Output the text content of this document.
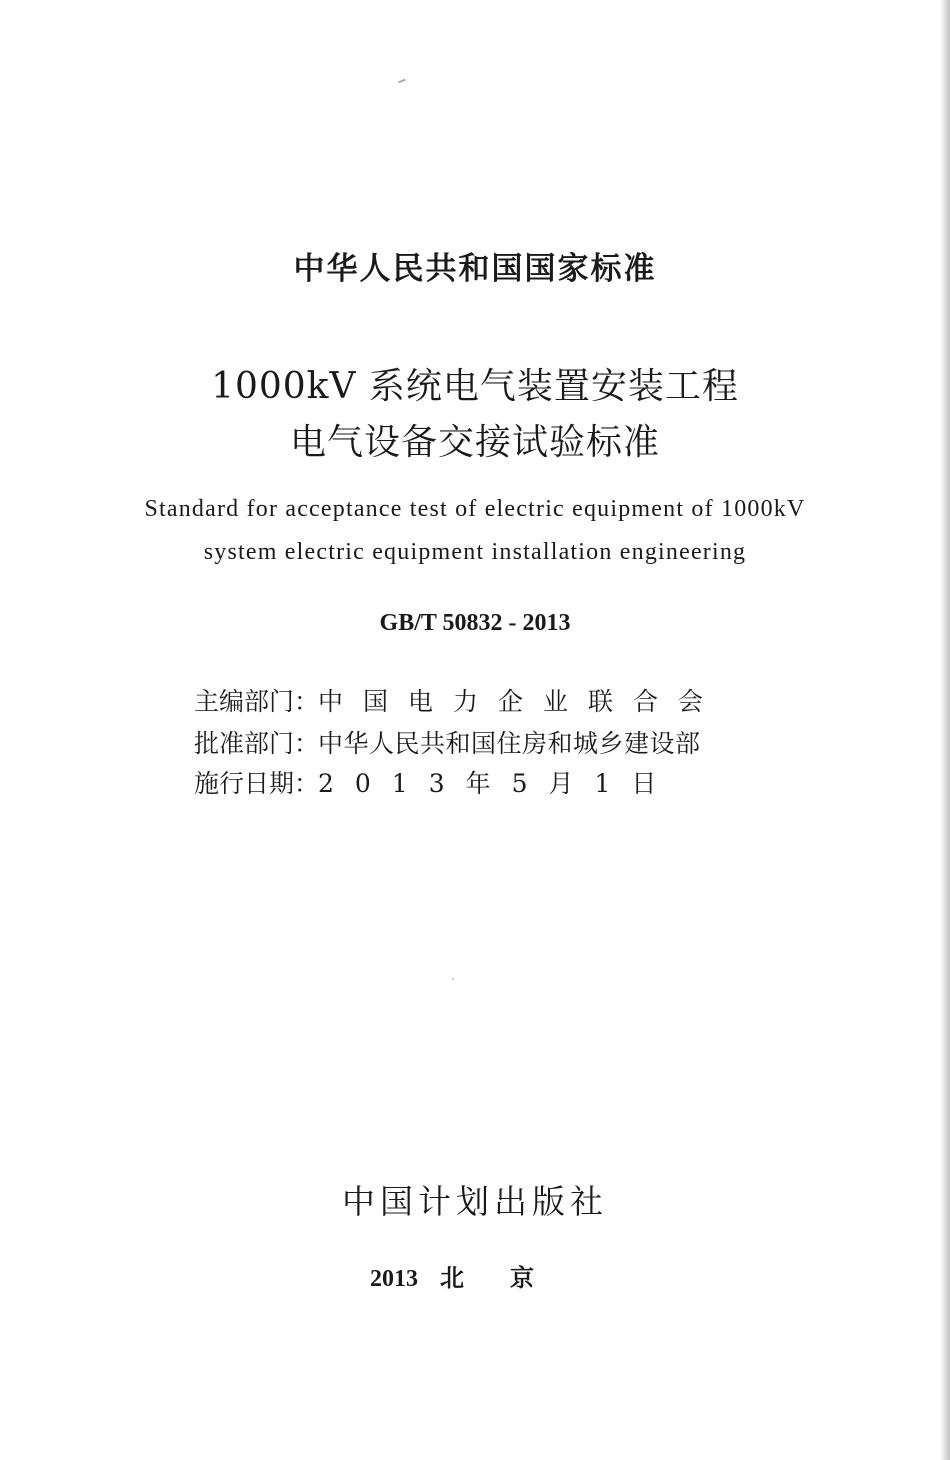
中华人民共和国国家标准
1000kV 系统电气装置安装工程
电气设备交接试验标准
Standard for acceptance test of electric equipment of 1000kV
system electric equipment installation engineering
GB/T 50832 - 2013
主编部门：
中国电力企业联合会
批准部门：
中华人民共和国住房和城乡建设部
施行日期：
2013年5月1日
中国计划出版社
2013 北京
